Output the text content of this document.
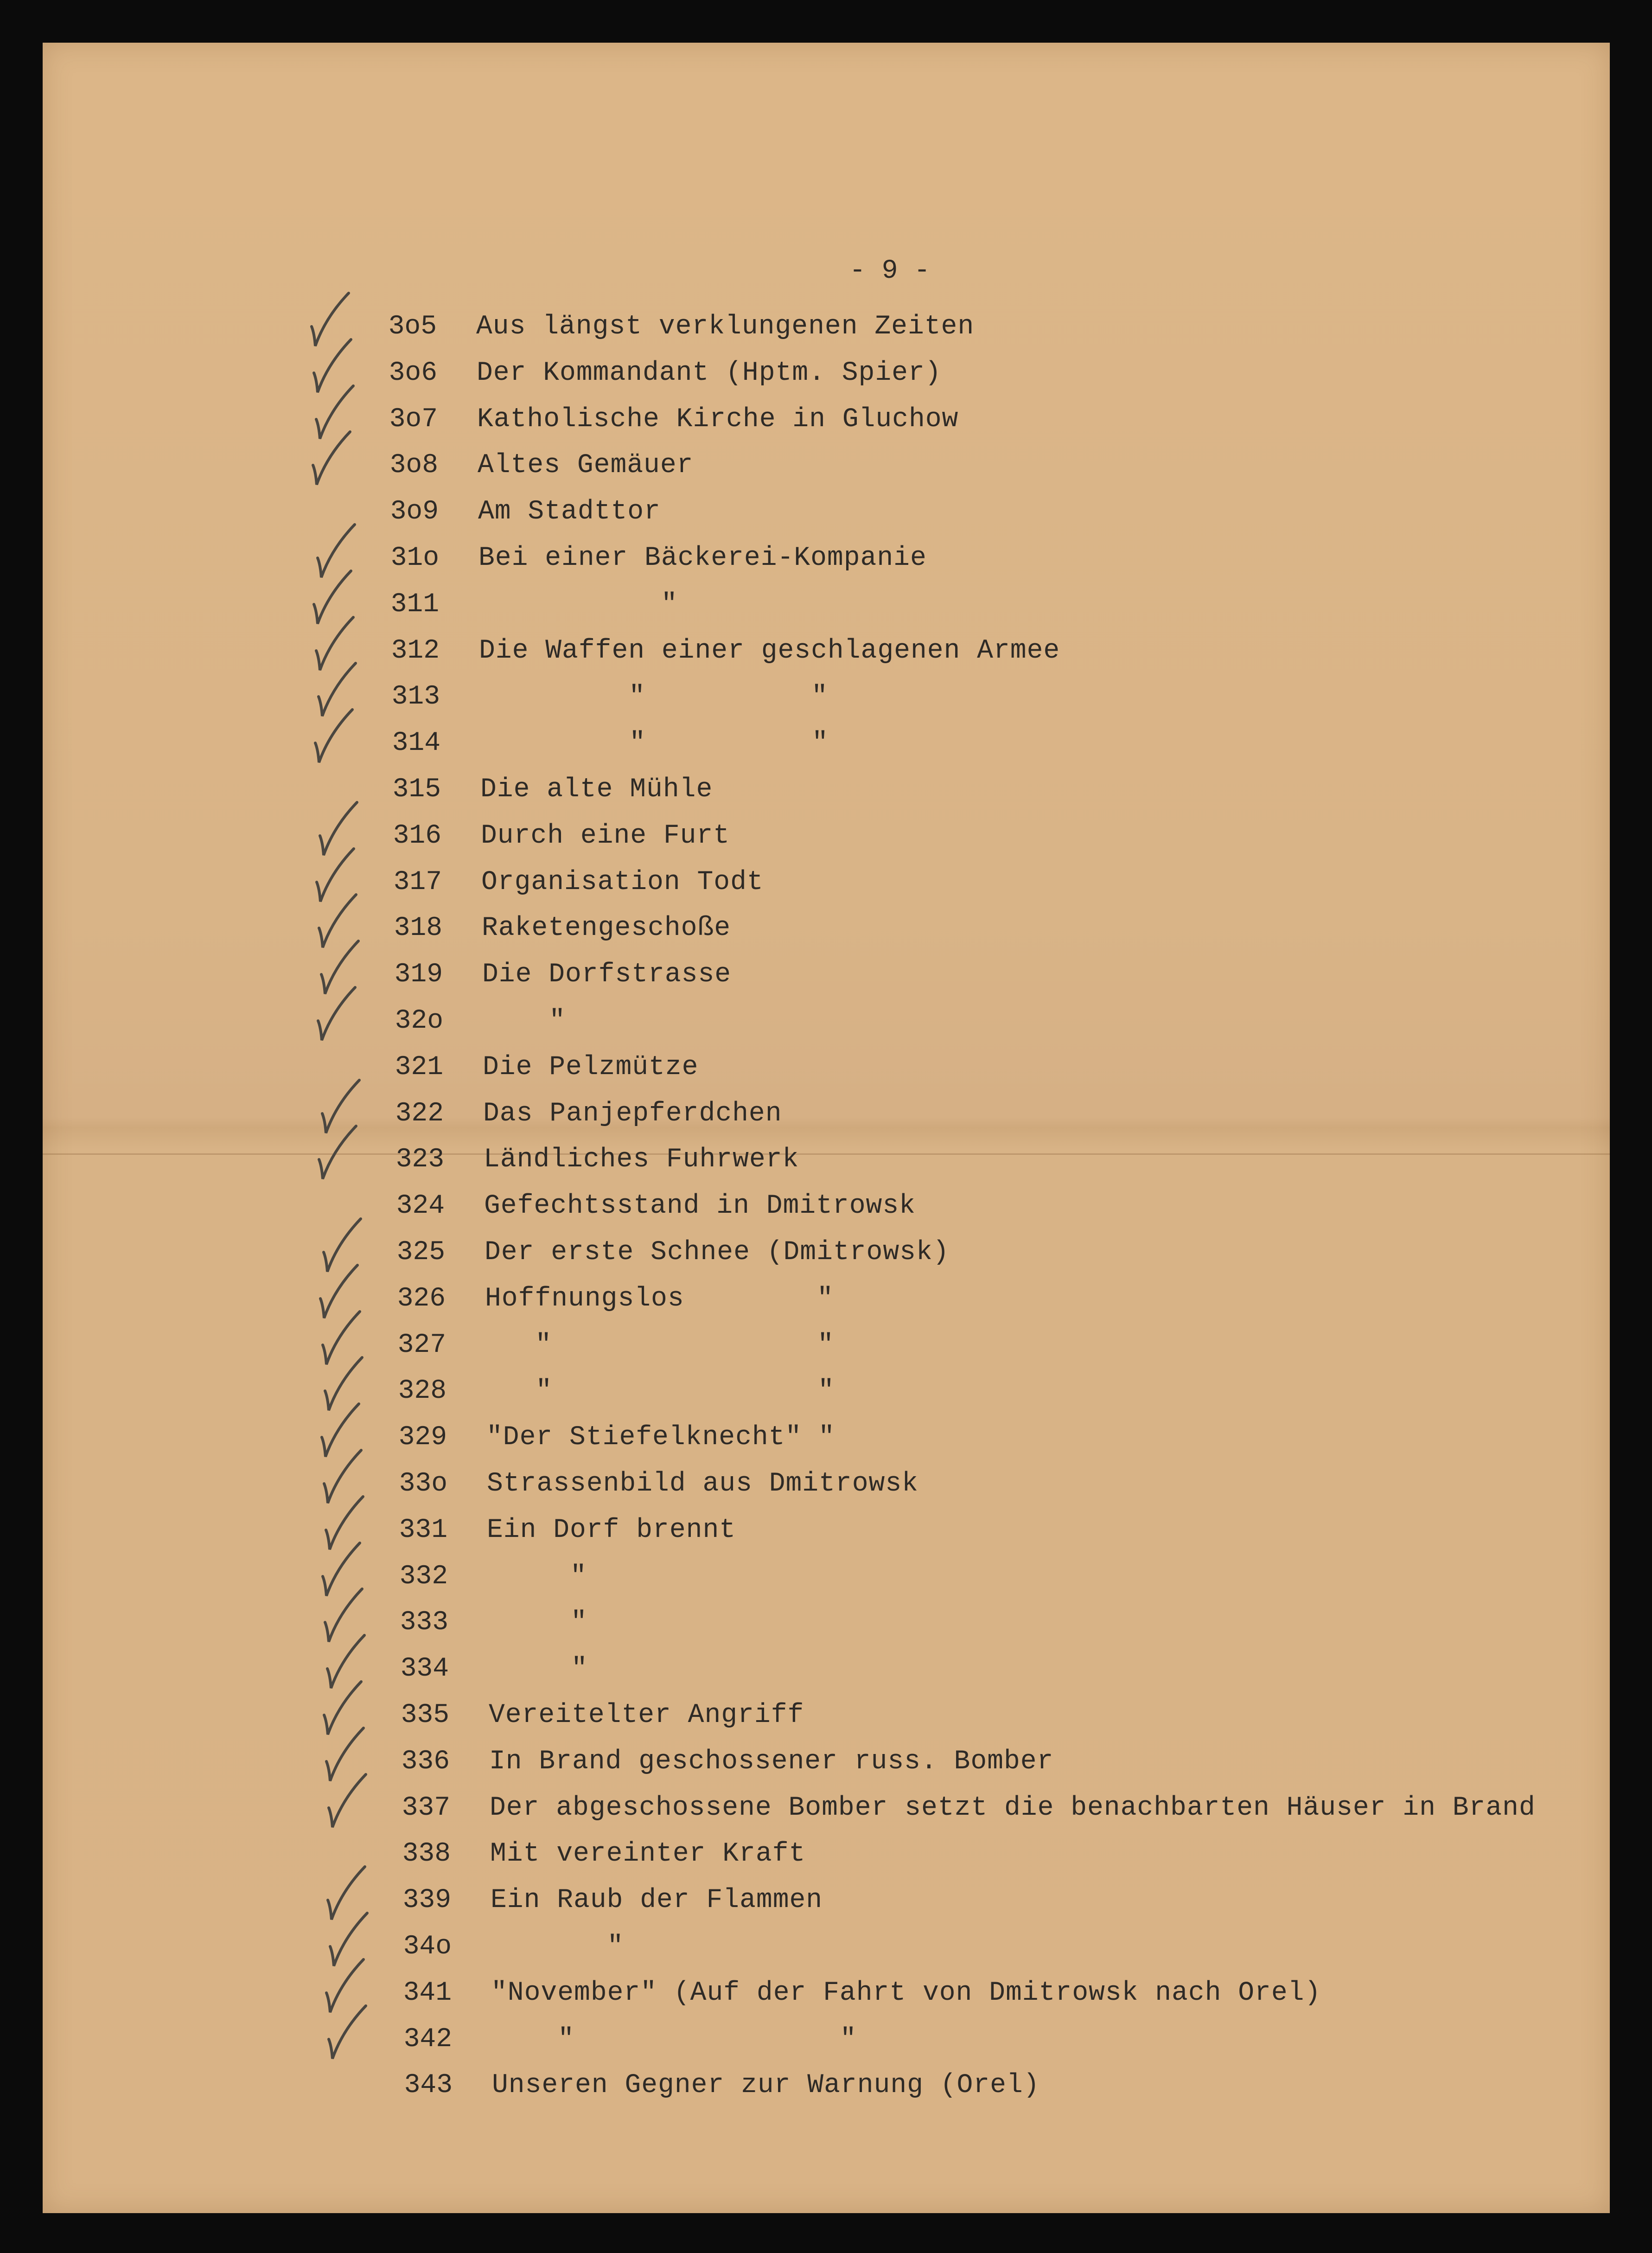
- 9 -
3o5 Aus längst verklungenen Zeiten
3o6 Der Kommandant (Hptm. Spier)
3o7 Katholische Kirche in Gluchow
3o8 Altes Gemäuer
3o9 Am Stadttor
31o Bei einer Bäckerei-Kompanie
311 "
312 Die Waffen einer geschlagenen Armee
313 "          "
314 "          "
315 Die alte Mühle
316 Durch eine Furt
317 Organisation Todt
318 Raketengeschoße
319 Die Dorfstrasse
32o "
321 Die Pelzmütze
322 Das Panjepferdchen
323 Ländliches Fuhrwerk
324 Gefechtsstand in Dmitrowsk
325 Der erste Schnee (Dmitrowsk)
326 Hoffnungslos        "
327 "                "
328 "                "
329 "Der Stiefelknecht" "
33o Strassenbild aus Dmitrowsk
331 Ein Dorf brennt
332 "
333 "
334 "
335 Vereitelter Angriff
336 In Brand geschossener russ. Bomber
337 Der abgeschossene Bomber setzt die benachbarten Häuser in Brand
338 Mit vereinter Kraft
339 Ein Raub der Flammen
34o "
341 "November" (Auf der Fahrt von Dmitrowsk nach Orel)
342 "                "
343 Unseren Gegner zur Warnung (Orel)
